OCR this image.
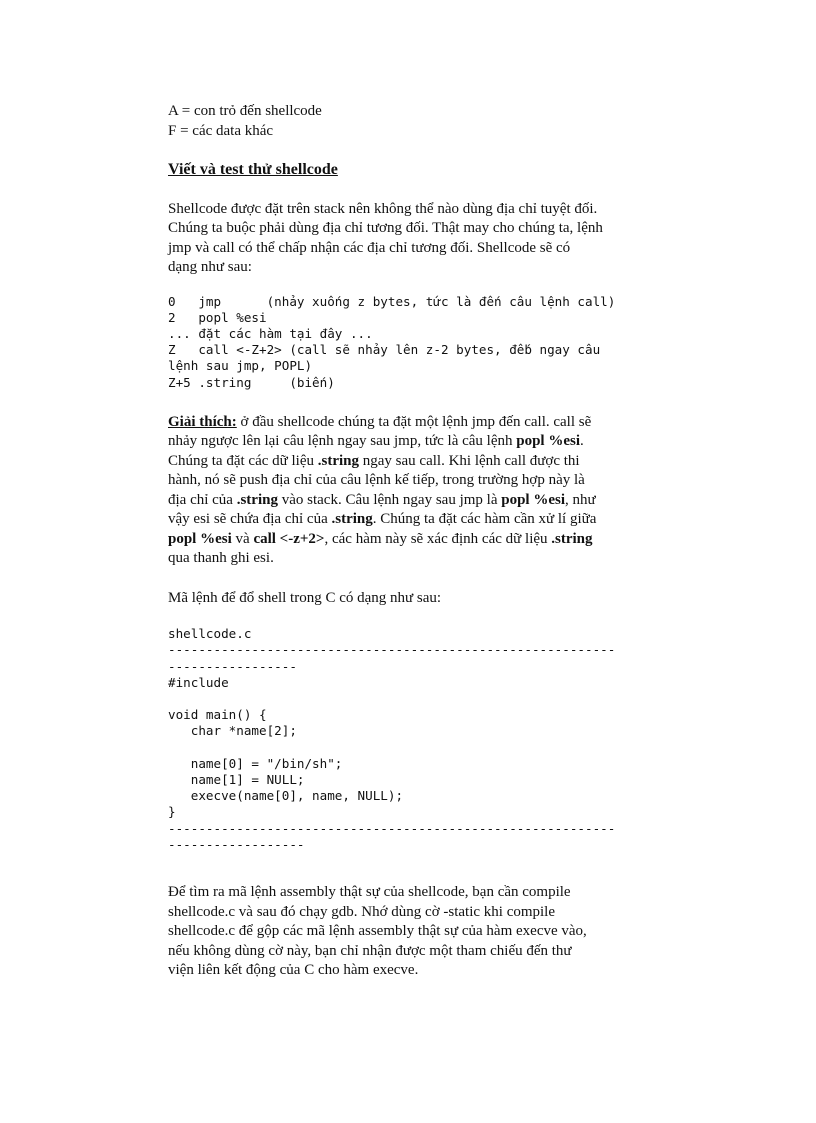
A = con trỏ đến shellcode
F = các data khác
Viết và test thử shellcode
Shellcode được đặt trên stack nên không thể nào dùng địa chỉ tuyệt đối.
Chúng ta buộc phải dùng địa chỉ tương đối. Thật may cho chúng ta, lệnh
jmp và call có thể chấp nhận các địa chỉ tương đối. Shellcode sẽ có
dạng như sau:
0   jmp      (nhảy xuống z bytes, tức là đến câu lệnh call)
2   popl %esi
... đặt các hàm tại đây ...
Z   call <-Z+2> (call sẽ nhảy lên z-2 bytes, đếb ngay câu
lệnh sau jmp, POPL)
Z+5 .string     (biến)
Giải thích: ở đầu shellcode chúng ta đặt một lệnh jmp đến call. call sẽ
nhảy ngược lên lại câu lệnh ngay sau jmp, tức là câu lệnh popl %esi.
Chúng ta đặt các dữ liệu .string ngay sau call. Khi lệnh call được thi
hành, nó sẽ push địa chỉ của câu lệnh kế tiếp, trong trường hợp này là
địa chỉ của .string vào stack. Câu lệnh ngay sau jmp là popl %esi, như
vậy esi sẽ chứa địa chỉ của .string. Chúng ta đặt các hàm cần xử lí giữa
popl %esi và call <-z+2>, các hàm này sẽ xác định các dữ liệu .string
qua thanh ghi esi.
Mã lệnh để đổ shell trong C có dạng như sau:
shellcode.c
-----------------------------------------------------------
-----------------
#include
void main() {
char *name[2];
name[0] = "/bin/sh";
name[1] = NULL;
execve(name[0], name, NULL);
}
-----------------------------------------------------------
------------------
Để tìm ra mã lệnh assembly thật sự của shellcode, bạn cần compile
shellcode.c và sau đó chạy gdb. Nhớ dùng cờ -static khi compile
shellcode.c để gộp các mã lệnh assembly thật sự của hàm execve vào,
nếu không dùng cờ này, bạn chỉ nhận được một tham chiếu đến thư
viện liên kết động của C cho hàm execve.
